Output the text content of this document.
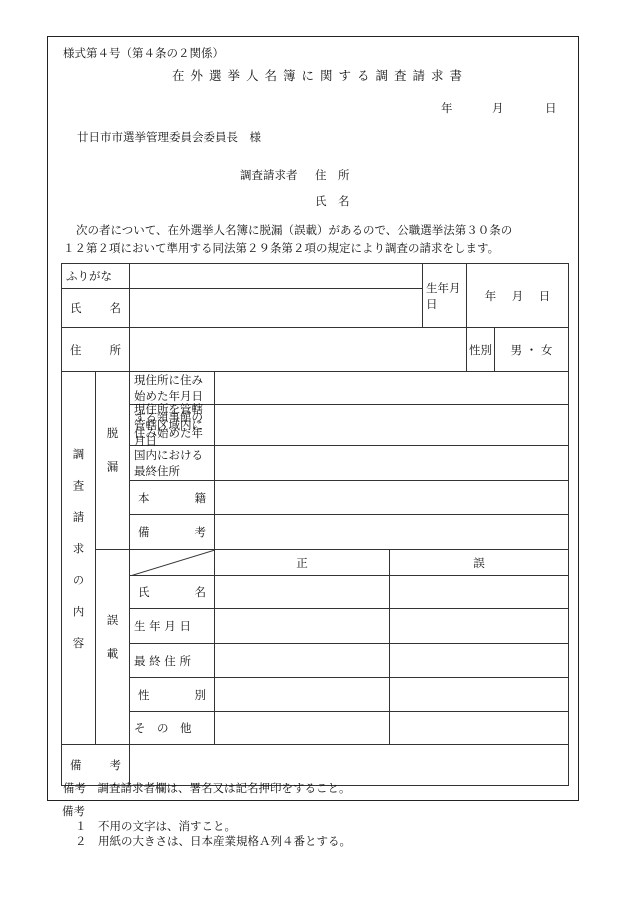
様式第４号（第４条の２関係）
在外選挙人名簿に関する調査請求書
年	月	日
廿日市市選挙管理委員会委員長　様
調査請求者 住　所
氏　名
次の者について、在外選挙人名簿に脱漏（誤載）があるので、公職選挙法第３０条の
１２第２項において準用する同法第２９条第２項の規定により調査の請求をします。
ふりがな					生年月日	年 月 日	

氏 名							

住 所						性別	男 ・ 女
調査請求の内容	脱漏	現住所に住み始めた年月日					
		現住所を管轄する領事館の管轄区域内に住み始めた年月日					
		国内における最終住所					

		本 籍					

		備 考					

	誤載		正	誤			

		氏 名					

		生 年 月 日					
		最 終 住 所					

		性 別					

		そ　の　他					

備 考							

備考　調査請求者欄は、署名又は記名押印をすること。
備考
１　不用の文字は、消すこと。
２　用紙の大きさは、日本産業規格Ａ列４番とする。
